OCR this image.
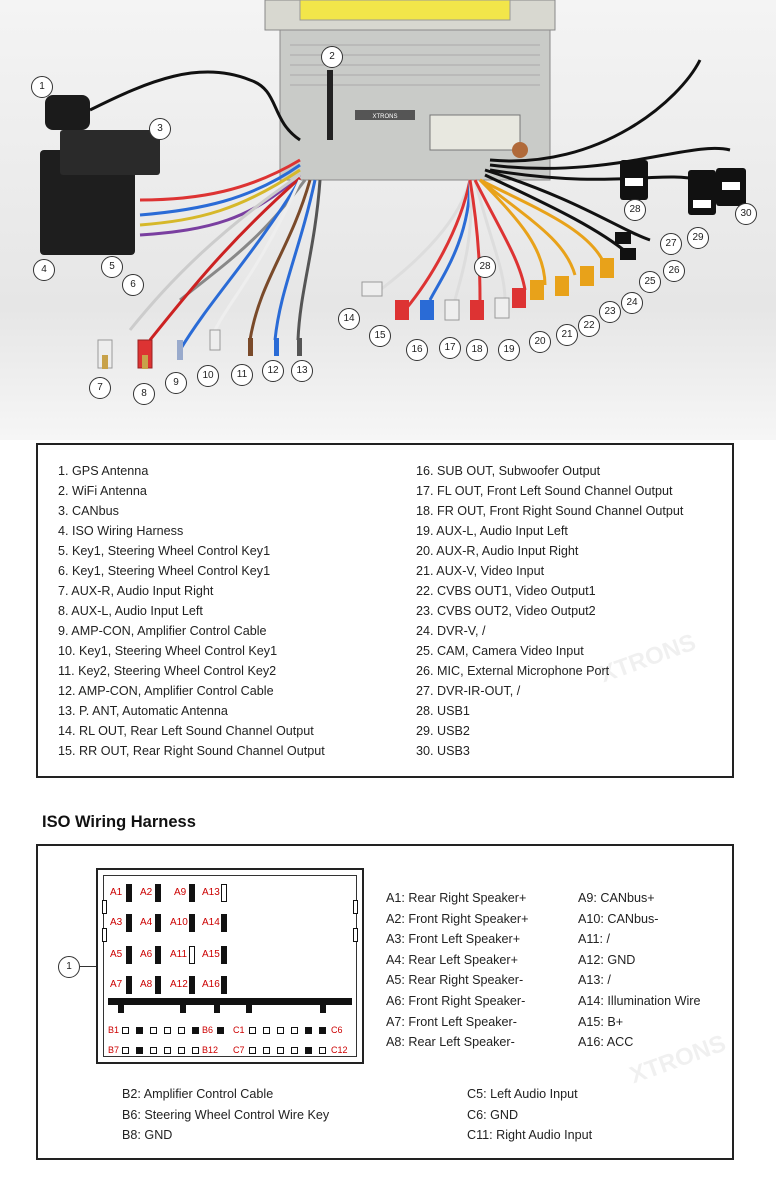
XTRONS
1
2
3
4	5
6
7
8
9
10	11	12	13
14
15
16	17	18	19
20
21
22
23
24
25
26
27
28
28
29
30
1. GPS Antenna
2. WiFi Antenna
3. CANbus
4. ISO Wiring Harness
5. Key1, Steering Wheel Control Key1
6. Key1, Steering Wheel Control Key1
7. AUX-R, Audio Input Right
8. AUX-L, Audio Input Left
9. AMP-CON, Amplifier Control Cable
10. Key1, Steering Wheel Control Key1
11. Key2, Steering Wheel Control Key2
12. AMP-CON, Amplifier Control Cable
13. P. ANT, Automatic Antenna
14. RL OUT, Rear Left Sound Channel Output
15. RR OUT, Rear Right Sound Channel Output
16. SUB OUT, Subwoofer Output
17. FL OUT, Front Left Sound Channel Output
18. FR OUT, Front Right Sound Channel Output
19. AUX-L, Audio Input Left
20. AUX-R, Audio Input Right
21. AUX-V, Video Input
22. CVBS OUT1, Video Output1
23. CVBS OUT2, Video Output2
24. DVR-V, /
25. CAM, Camera Video Input
26. MIC, External Microphone Port
27. DVR-IR-OUT, /
28. USB1
29. USB2
30. USB3
XTRONS
ISO Wiring Harness
1
A1 A2 A9 A13
A3 A4 A10 A14
A5 A6 A11 A15
A7 A8 A12 A16
B1	B6 C1	C6
B7	B12 C7	C12
A1: Rear Right Speaker+
A2: Front Right Speaker+
A3: Front Left Speaker+
A4: Rear Left Speaker+
A5: Rear Right Speaker-
A6: Front Right Speaker-
A7: Front Left Speaker-
A8: Rear Left Speaker-
A9: CANbus+
A10: CANbus-
A11: /
A12: GND
A13: /
A14: Illumination Wire
A15: B+
A16: ACC
B2: Amplifier Control Cable
B6: Steering Wheel Control Wire Key
B8: GND
C5: Left Audio Input
C6: GND
C11: Right Audio Input
XTRONS
